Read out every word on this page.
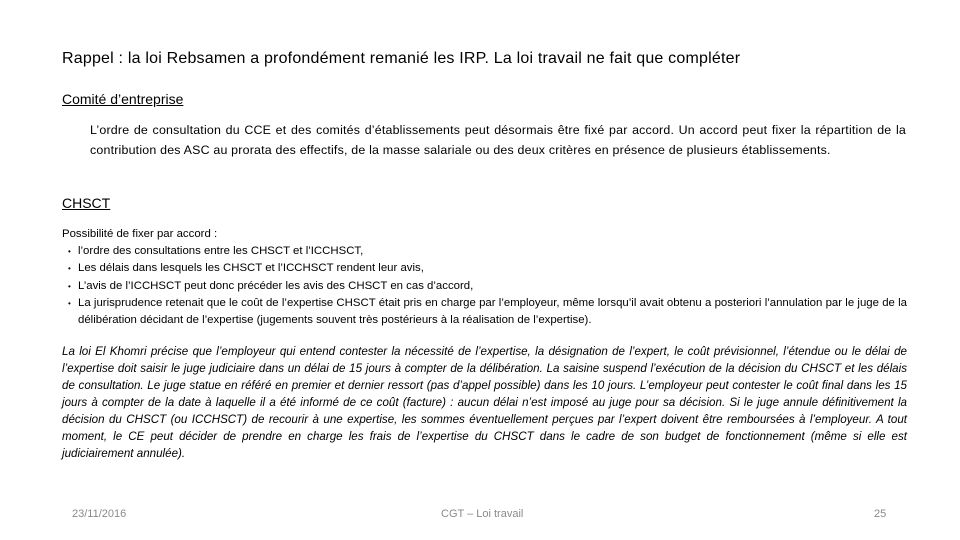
Rappel : la loi Rebsamen a profondément remanié les IRP. La loi travail ne fait que compléter
Comité d’entreprise
L’ordre de consultation du CCE et des comités d’établissements peut désormais être fixé par accord. Un accord peut fixer la répartition de la contribution des ASC au prorata des effectifs, de la masse salariale ou des deux critères en présence de plusieurs établissements.
CHSCT
Possibilité de fixer par accord :
• l’ordre des consultations entre les CHSCT et l’ICCHSCT,
• Les délais dans lesquels les CHSCT et l’ICCHSCT rendent leur avis,
• L’avis de l’ICCHSCT peut donc précéder les avis des CHSCT en cas d’accord,
• La jurisprudence retenait que le coût de l’expertise CHSCT était pris en charge par l’employeur, même lorsqu’il avait obtenu a posteriori l’annulation par le juge de la délibération décidant de l’expertise (jugements souvent très postérieurs à la réalisation de l’expertise).
La loi El Khomri précise que l’employeur qui entend contester la nécessité de l’expertise, la désignation de l’expert, le coût prévisionnel, l’étendue ou le délai de l’expertise doit saisir le juge judiciaire dans un délai de 15 jours à compter de la délibération. La saisine suspend l’exécution de la décision du CHSCT et les délais de consultation. Le juge statue en référé en premier et dernier ressort (pas d’appel possible) dans les 10 jours. L’employeur peut contester le coût final dans les 15 jours à compter de la date à laquelle il a été informé de ce coût (facture) : aucun délai n’est imposé au juge pour sa décision. Si le juge annule définitivement la décision du CHSCT (ou ICCHSCT) de recourir à une expertise, les sommes éventuellement perçues par l’expert doivent être remboursées à l’employeur. A tout moment, le CE peut décider de prendre en charge les frais de l’expertise du CHSCT dans le cadre de son budget de fonctionnement (même si elle est judiciairement annulée).
23/11/2016	CGT – Loi travail	25
